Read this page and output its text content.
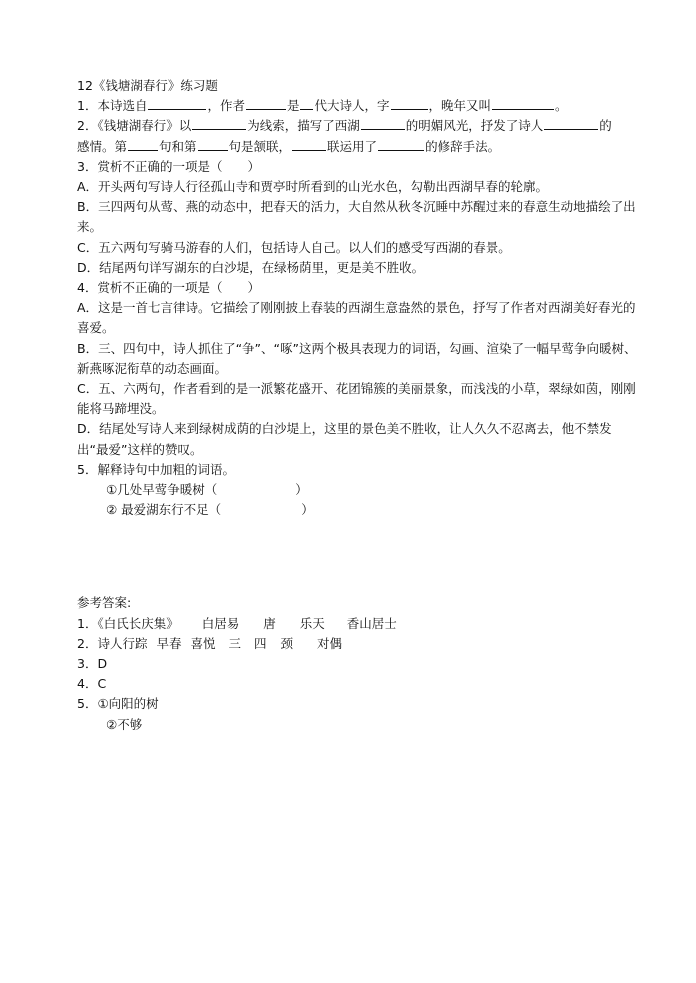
12《钱塘湖春行》练习题
1．本诗选自	，作者	是 代大诗人，字	，晚年又叫	。
2．《钱塘湖春行》以	为线索，描写了西湖	的明媚风光，抒发了诗人	的
感情。第	句和第	句是颔联，	联运用了	的修辞手法。
3．赏析不正确的一项是（　　）
A．开头两句写诗人行径孤山寺和贾亭时所看到的山光水色，勾勒出西湖早春的轮廓。
B．三四两句从莺、燕的动态中，把春天的活力，大自然从秋冬沉睡中苏醒过来的春意生动地描绘了出来。
C．五六两句写骑马游春的人们，包括诗人自己。以人们的感受写西湖的春景。
D．结尾两句详写湖东的白沙堤，在绿杨荫里，更是美不胜收。
4．赏析不正确的一项是（　　）
A．这是一首七言律诗。它描绘了刚刚披上春装的西湖生意盎然的景色，抒写了作者对西湖美好春光的喜爱。
B．三、四句中，诗人抓住了“争”、“啄”这两个极具表现力的词语，勾画、渲染了一幅早莺争向暖树、新燕啄泥衔草的动态画面。
C．五、六两句，作者看到的是一派繁花盛开、花团锦簇的美丽景象，而浅浅的小草，翠绿如茵，刚刚能将马蹄埋没。
D．结尾处写诗人来到绿树成荫的白沙堤上，这里的景色美不胜收，让人久久不忍离去，他不禁发出“最爱”这样的赞叹。
5．解释诗句中加粗的词语。
①几处早莺争暖树（	）
② 最爱湖东行不足（	）
参考答案:
1．《白氏长庆集》 白居易 唐 乐天 香山居士
2．诗人行踪 早春 喜悦 三 四 颈 对偶
3．D
4．C
5．①向阳的树
②不够
